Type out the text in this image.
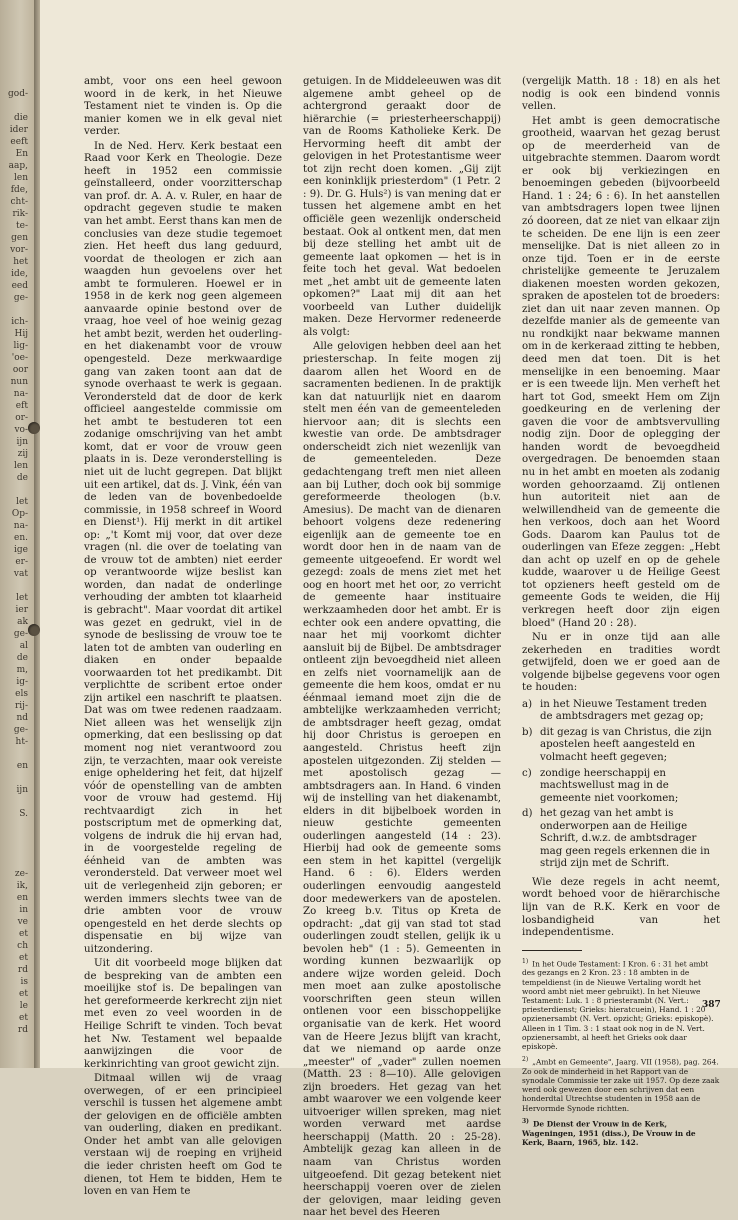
god-

die
ider
eeft
En
aap,
len
fde,
cht-
rik-
te-
gen
vor-
het
ide,
eed
ge-

ich-
Hij
lig-
'oe-
oor
nun
na-
eft
or-
vo-
ijn
zij
len
de

let
Op-
na-
en.
ige
er-
vat

let
ier
ak
ge-
al
de
m,
ig-
els
rij-
nd
ge-
ht-

en

ijn

S.

ze-
ik,
en
in
ve
et
ch
et
rd
is
et
le
et
rd

ambt, voor ons een heel gewoon woord in de kerk, in het Nieuwe Testament niet te vinden is. Op die manier komen we in elk geval niet verder.

In de Ned. Herv. Kerk bestaat een Raad voor Kerk en Theologie. Deze heeft in 1952 een commissie geïnstalleerd, onder voorzitterschap van prof. dr. A. A. v. Ruler, en haar de opdracht gegeven studie te maken van het ambt. Eerst thans kan men de conclusies van deze studie tegemoet zien. Het heeft dus lang geduurd, voordat de theologen er zich aan waagden hun gevoelens over het ambt te formuleren. Hoewel er in 1958 in de kerk nog geen algemeen aanvaarde opinie bestond over de vraag, hoe veel of hoe weinig gezag het ambt bezit, werden het ouderling- en het diakenambt voor de vrouw opengesteld. Deze merkwaardige gang van zaken toont aan dat de synode overhaast te werk is gegaan. Verondersteld dat de door de kerk officieel aangestelde commissie om het ambt te bestuderen tot een zodanige omschrijving van het ambt komt, dat er voor de vrouw geen plaats in is. Deze veronderstelling is niet uit de lucht gegrepen. Dat blijkt uit een artikel, dat ds. J. Vink, één van de leden van de bovenbedoelde commissie, in 1958 schreef in Woord en Dienst¹). Hij merkt in dit artikel op: „'t Komt mij voor, dat over deze vragen (nl. die over de toelating van de vrouw tot de ambten) niet eerder op verantwoorde wijze beslist kan worden, dan nadat de onderlinge verhouding der ambten tot klaarheid is gebracht". Maar voordat dit artikel was gezet en gedrukt, viel in de synode de beslissing de vrouw toe te laten tot de ambten van ouderling en diaken en onder bepaalde voorwaarden tot het predikambt. Dit verplichtte de scribent ertoe onder zijn artikel een naschrift te plaatsen. Dat was om twee redenen raadzaam. Niet alleen was het wenselijk zijn opmerking, dat een beslissing op dat moment nog niet verantwoord zou zijn, te verzachten, maar ook vereiste enige opheldering het feit, dat hijzelf vóór de openstelling van de ambten voor de vrouw had gestemd. Hij rechtvaardigt zich in het postscriptum met de opmerking dat, volgens de indruk die hij ervan had, in de voorgestelde regeling de éénheid van de ambten was verondersteld. Dat verweer moet wel uit de verlegenheid zijn geboren; er werden immers slechts twee van de drie ambten voor de vrouw opengesteld en het derde slechts op dispensatie en bij wijze van uitzondering.

Uit dit voorbeeld moge blijken dat de bespreking van de ambten een moeilijke stof is. De bepalingen van het gereformeerde kerkrecht zijn niet met even zo veel woorden in de Heilige Schrift te vinden. Toch bevat het Nw. Testament wel bepaalde aanwijzingen die voor de kerkinrichting van groot gewicht zijn.

Ditmaal willen wij de vraag overwegen, of er een principieel verschil is tussen het algemene ambt der gelovigen en de officiële ambten van ouderling, diaken en predikant. Onder het ambt van alle gelovigen verstaan wij de roeping en vrijheid die ieder christen heeft om God te dienen, tot Hem te bidden, Hem te loven en van Hem te

getuigen. In de Middeleeuwen was dit algemene ambt geheel op de achtergrond geraakt door de hiërarchie (= priesterheerschappij) van de Rooms Katholieke Kerk. De Hervorming heeft dit ambt der gelovigen in het Protestantisme weer tot zijn recht doen komen. „Gij zijt een koninklijk priesterdom" (1 Petr. 2 : 9). Dr. G. Huls²) is van mening dat er tussen het algemene ambt en het officiële geen wezenlijk onderscheid bestaat. Ook al ontkent men, dat men bij deze stelling het ambt uit de gemeente laat opkomen — het is in feite toch het geval. Wat bedoelen met „het ambt uit de gemeente laten opkomen?" Laat mij dit aan het voorbeeld van Luther duidelijk maken. Deze Hervormer redeneerde als volgt:

Alle gelovigen hebben deel aan het priesterschap. In feite mogen zij daarom allen het Woord en de sacramenten bedienen. In de praktijk kan dat natuurlijk niet en daarom stelt men één van de gemeenteleden hiervoor aan; dit is slechts een kwestie van orde. De ambtsdrager onderscheidt zich niet wezenlijk van de gemeenteleden. Deze gedachtengang treft men niet alleen aan bij Luther, doch ook bij sommige gereformeerde theologen (b.v. Amesius). De macht van de dienaren behoort volgens deze redenering eigenlijk aan de gemeente toe en wordt door hen in de naam van de gemeente uitgeoefend. Er wordt wel gezegd: zoals de mens ziet met het oog en hoort met het oor, zo verricht de gemeente haar instituaire werkzaamheden door het ambt. Er is echter ook een andere opvatting, die naar het mij voorkomt dichter aansluit bij de Bijbel. De ambtsdrager ontleent zijn bevoegdheid niet alleen en zelfs niet voornamelijk aan de gemeente die hem koos, omdat er nu éénmaal iemand moet zijn die de ambtelijke werkzaamheden verricht; de ambtsdrager heeft gezag, omdat hij door Christus is geroepen en aangesteld. Christus heeft zijn apostelen uitgezonden. Zij stelden — met apostolisch gezag — ambtsdragers aan. In Hand. 6 vinden wij de instelling van het diakenambt, elders in dit bijbelboek worden in nieuw gestichte gemeenten ouderlingen aangesteld (14 : 23). Hierbij had ook de gemeente soms een stem in het kapittel (vergelijk Hand. 6 : 6). Elders werden ouderlingen eenvoudig aangesteld door medewerkers van de apostelen. Zo kreeg b.v. Titus op Kreta de opdracht: „dat gij van stad tot stad ouderlingen zoudt stellen, gelijk ik u bevolen heb" (1 : 5). Gemeenten in wording kunnen bezwaarlijk op andere wijze worden geleid. Doch men moet aan zulke apostolische voorschriften geen steun willen ontlenen voor een bisschoppelijke organisatie van de kerk. Het woord van de Heere Jezus blijft van kracht, dat we niemand op aarde onze „meester" of „vader" zullen noemen (Matth. 23 : 8—10). Alle gelovigen zijn broeders. Het gezag van het ambt waarover we een volgende keer uitvoeriger willen spreken, mag niet worden verward met aardse heerschappij (Matth. 20 : 25-28). Ambtelijk gezag kan alleen in de naam van Christus worden uitgeoefend. Dit gezag betekent niet heerschappij voeren over de zielen der gelovigen, maar leiding geven naar het bevel des Heeren

(vergelijk Matth. 18 : 18) en als het nodig is ook een bindend vonnis vellen.

Het ambt is geen democratische grootheid, waarvan het gezag berust op de meerderheid van de uitgebrachte stemmen. Daarom wordt er ook bij verkiezingen en benoemingen gebeden (bijvoorbeeld Hand. 1 : 24; 6 : 6). In het aanstellen van ambtsdragers lopen twee lijnen zó dooreen, dat ze niet van elkaar zijn te scheiden. De ene lijn is een zeer menselijke. Dat is niet alleen zo in onze tijd. Toen er in de eerste christelijke gemeente te Jeruzalem diakenen moesten worden gekozen, spraken de apostelen tot de broeders: ziet dan uit naar zeven mannen. Op dezelfde manier als de gemeente van nu rondkijkt naar bekwame mannen om in de kerkeraad zitting te hebben, deed men dat toen. Dit is het menselijke in een benoeming. Maar er is een tweede lijn. Men verheft het hart tot God, smeekt Hem om Zijn goedkeuring en de verlening der gaven die voor de ambtsvervulling nodig zijn. Door de oplegging der handen wordt de bevoegdheid overgedragen. De benoemden staan nu in het ambt en moeten als zodanig worden gehoorzaamd. Zij ontlenen hun autoriteit niet aan de welwillendheid van de gemeente die hen verkoos, doch aan het Woord Gods. Daarom kan Paulus tot de ouderlingen van Efeze zeggen: „Hebt dan acht op uzelf en op de gehele kudde, waarover u de Heilige Geest tot opzieners heeft gesteld om de gemeente Gods te weiden, die Hij verkregen heeft door zijn eigen bloed" (Hand 20 : 28).

Nu er in onze tijd aan alle zekerheden en tradities wordt getwijfeld, doen we er goed aan de volgende bijbelse gegevens voor ogen te houden:

a) in het Nieuwe Testament treden de ambtsdragers met gezag op;
b) dit gezag is van Christus, die zijn apostelen heeft aangesteld en volmacht heeft gegeven;
c) zondige heerschappij en machtswellust mag in de gemeente niet voorkomen;
d) het gezag van het ambt is onderworpen aan de Heilige Schrift, d.w.z. de ambtsdrager mag geen regels erkennen die in strijd zijn met de Schrift.

Wie deze regels in acht neemt, wordt behoed voor de hiërarchische lijn van de R.K. Kerk en voor de losbandigheid van het independentisme.

$^{1)}$ In het Oude Testament: I Kron. 6 : 31 het ambt des gezangs en 2 Kron. 23 : 18 ambten in de tempeldienst (in de Nieuwe Vertaling wordt het woord ambt niet meer gebruikt). In het Nieuwe Testament: Luk. 1 : 8 priesterambt (N. Vert.: priesterdienst; Grieks: hieratcuein), Hand. 1 : 20 opzienersambt (N. Vert. opzicht; Grieks: episkopè). Alleen in 1 Tim. 3 : 1 staat ook nog in de N. Vert. opzienersambt, al heeft het Grieks ook daar episkopè.

$^{2)}$ „Ambt en Gemeente", Jaarg. VII (1958), pag. 264. Zo ook de minderheid in het Rapport van de synodale Commissie ter zake uit 1957. Op deze zaak werd ook gewezen door een schrijven dat een honderdtal Utrechtse studenten in 1958 aan de Hervormde Synode richtten.

$^{3)}$ De Dienst der Vrouw in de Kerk, Wageningen, 1951 (diss.), De Vrouw in de Kerk, Baarn, 1965, blz. 142.

387
